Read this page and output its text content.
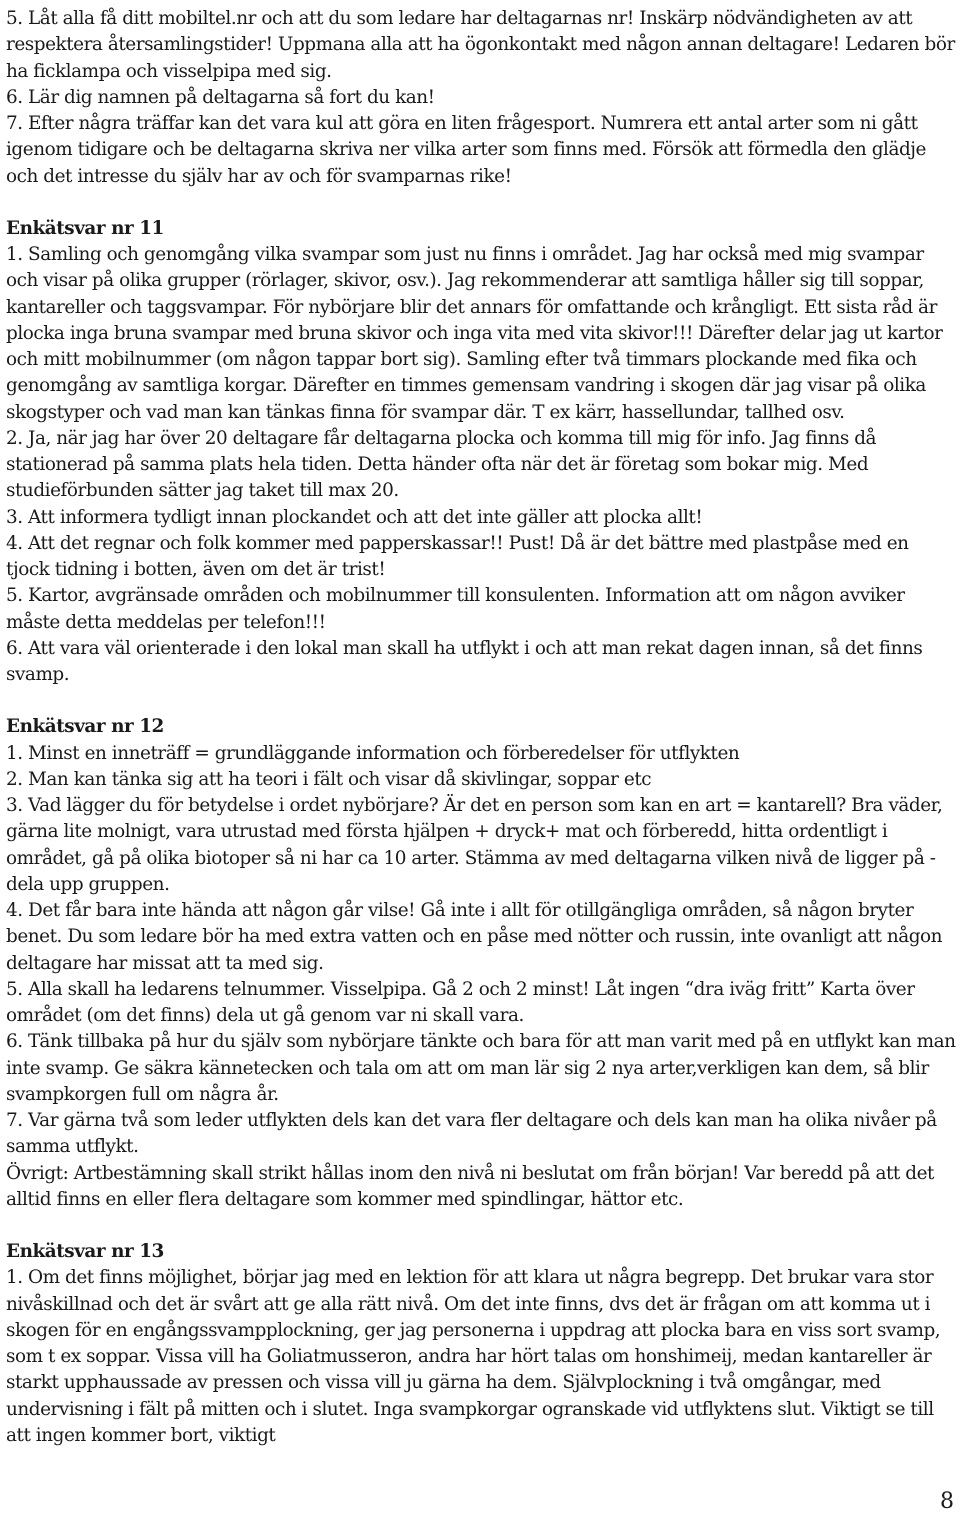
5. Låt alla få ditt mobiltel.nr och att du som ledare har deltagarnas nr! Inskärp nödvändigheten av att respektera återsamlingstider! Uppmana alla att ha ögonkontakt med någon annan deltagare! Ledaren bör ha ficklampa och visselpipa med sig.

6. Lär dig namnen på deltagarna så fort du kan!

7. Efter några träffar kan det vara kul att göra en liten frågesport. Numrera ett antal arter som ni gått igenom tidigare och be deltagarna skriva ner vilka arter som finns med. Försök att förmedla den glädje och det intresse du själv har av och för svamparnas rike!

Enkätsvar nr 11

1. Samling och genomgång vilka svampar som just nu finns i området. Jag har också med mig svampar och visar på olika grupper (rörlager, skivor, osv.). Jag rekommenderar att samtliga håller sig till soppar, kantareller och taggsvampar. För nybörjare blir det annars för omfattande och krångligt. Ett sista råd är plocka inga bruna svampar med bruna skivor och inga vita med vita skivor!!! Därefter delar jag ut kartor och mitt mobilnummer (om någon tappar bort sig). Samling efter två timmars plockande med fika och genomgång av samtliga korgar. Därefter en timmes gemensam vandring i skogen där jag visar på olika skogstyper och vad man kan tänkas finna för svampar där. T ex kärr, hassellundar, tallhed osv.

2. Ja, när jag har över 20 deltagare får deltagarna plocka och komma till mig för info. Jag finns då stationerad på samma plats hela tiden. Detta händer ofta när det är företag som bokar mig. Med studieförbunden sätter jag taket till max 20.

3. Att informera tydligt innan plockandet och att det inte gäller att plocka allt!

4. Att det regnar och folk kommer med papperskassar!! Pust! Då är det bättre med plastpåse med en tjock tidning i botten, även om det är trist!

5. Kartor, avgränsade områden och mobilnummer till konsulenten. Information att om någon avviker måste detta meddelas per telefon!!!

6. Att vara väl orienterade i den lokal man skall ha utflykt i och att man rekat dagen innan, så det finns svamp.

Enkätsvar nr 12

1. Minst en inneträff = grundläggande information och förberedelser för utflykten

2. Man kan tänka sig att ha teori i fält och visar då skivlingar, soppar etc

3. Vad lägger du för betydelse i ordet nybörjare? Är det en person som kan en art = kantarell? Bra väder, gärna lite molnigt, vara utrustad med första hjälpen + dryck+ mat och förberedd, hitta ordentligt i området, gå på olika biotoper så ni har ca 10 arter. Stämma av med deltagarna vilken nivå de ligger på - dela upp gruppen.

4. Det får bara inte hända att någon går vilse! Gå inte i allt för otillgängliga områden, så någon bryter benet. Du som ledare bör ha med extra vatten och en påse med nötter och russin, inte ovanligt att någon deltagare har missat att ta med sig.

5. Alla skall ha ledarens telnummer. Visselpipa. Gå 2 och 2 minst! Låt ingen “dra iväg fritt” Karta över området (om det finns) dela ut gå genom var ni skall vara.

6. Tänk tillbaka på hur du själv som nybörjare tänkte och bara för att man varit med på en utflykt kan man inte svamp. Ge säkra kännetecken och tala om att om man lär sig 2 nya arter,verkligen kan dem, så blir svampkorgen full om några år.

7. Var gärna två som leder utflykten dels kan det vara fler deltagare och dels kan man ha olika nivåer på samma utflykt.

Övrigt: Artbestämning skall strikt hållas inom den nivå ni beslutat om från början! Var beredd på att det alltid finns en eller flera deltagare som kommer med spindlingar, hättor etc.

Enkätsvar nr 13

1. Om det finns möjlighet, börjar jag med en lektion för att klara ut några begrepp. Det brukar vara stor nivåskillnad och det är svårt att ge alla rätt nivå. Om det inte finns, dvs det är frågan om att komma ut i skogen för en engångssvampplockning, ger jag personerna i uppdrag att plocka bara en viss sort svamp, som t ex soppar. Vissa vill ha Goliatmusseron, andra har hört talas om honshimeij, medan kantareller är starkt upphaussade av pressen och vissa vill ju gärna ha dem. Självplockning i två omgångar, med undervisning i fält på mitten och i slutet. Inga svampkorgar ogranskade vid utflyktens slut. Viktigt se till att ingen kommer bort, viktigt

8
